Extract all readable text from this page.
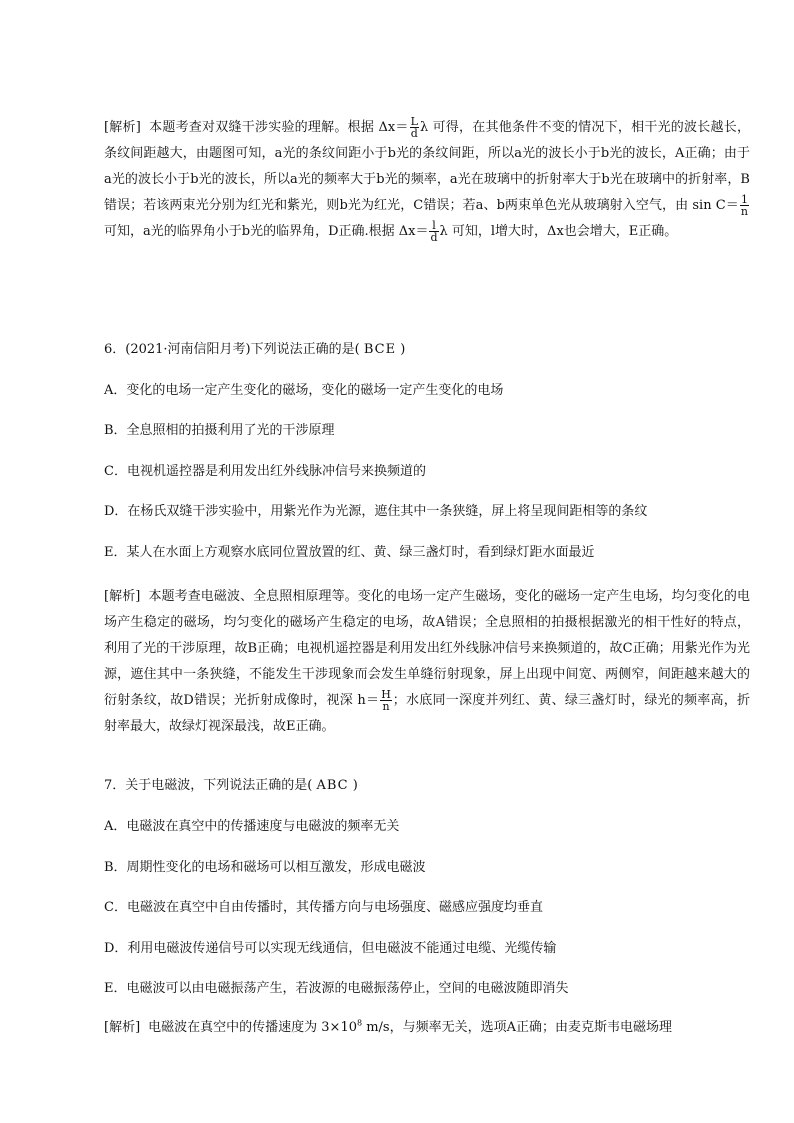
[解析] 本题考查对双缝干涉实验的理解。根据 $\Delta x= \frac{L}{d}$ λ 可得，在其他条件不变的情况下，相干光的波长越长，条纹间距越大，由题图可知，a光的条纹间距小于b光的条纹间距，所以a光的波长小于b光的波长，A正确；由于a光的波长小于b光的波长，所以a光的频率大于b光的频率，a光在玻璃中的折射率大于b光在玻璃中的折射率，B错误；若该两束光分别为红光和紫光，则b光为红光，C错误；若a、b两束单色光从玻璃射入空气，由 $\sin C= \frac{1}{n}$
可知，a光的临界角小于b光的临界角，D正确.根据 $\Delta x= \frac{l}{d}$ λ 可知，l增大时，Δx也会增大，E正确。
6．(2021·河南信阳月考)下列说法正确的是( BCE )
A．变化的电场一定产生变化的磁场，变化的磁场一定产生变化的电场
B．全息照相的拍摄利用了光的干涉原理
C．电视机遥控器是利用发出红外线脉冲信号来换频道的
D．在杨氏双缝干涉实验中，用紫光作为光源，遮住其中一条狭缝，屏上将呈现间距相等的条纹
E．某人在水面上方观察水底同位置放置的红、黄、绿三盏灯时，看到绿灯距水面最近
[解析] 本题考查电磁波、全息照相原理等。变化的电场一定产生磁场，变化的磁场一定产生电场，均匀变化的电场产生稳定的磁场，均匀变化的磁场产生稳定的电场，故A错误；全息照相的拍摄根据激光的相干性好的特点，利用了光的干涉原理，故B正确；电视机遥控器是利用发出红外线脉冲信号来换频道的，故C正确；用紫光作为光源，遮住其中一条狭缝，不能发生干涉现象而会发生单缝衍射现象，屏上出现中间宽、两侧窄，间距越来越大的衍射条纹，故D错误；光折射成像时，视深 $h= \frac{H}{n}$ ；水底同一深度并列红、黄、绿三盏灯时，绿光的频率高，折射率最大，故绿灯视深最浅，故E正确。
7．关于电磁波，下列说法正确的是( ABC )
A．电磁波在真空中的传播速度与电磁波的频率无关
B．周期性变化的电场和磁场可以相互激发，形成电磁波
C．电磁波在真空中自由传播时，其传播方向与电场强度、磁感应强度均垂直
D．利用电磁波传递信号可以实现无线通信，但电磁波不能通过电缆、光缆传输
E．电磁波可以由电磁振荡产生，若波源的电磁振荡停止，空间的电磁波随即消失
[解析] 电磁波在真空中的传播速度为 $3\times 10^8$ m/s，与频率无关，选项A正确；由麦克斯韦电磁场理
